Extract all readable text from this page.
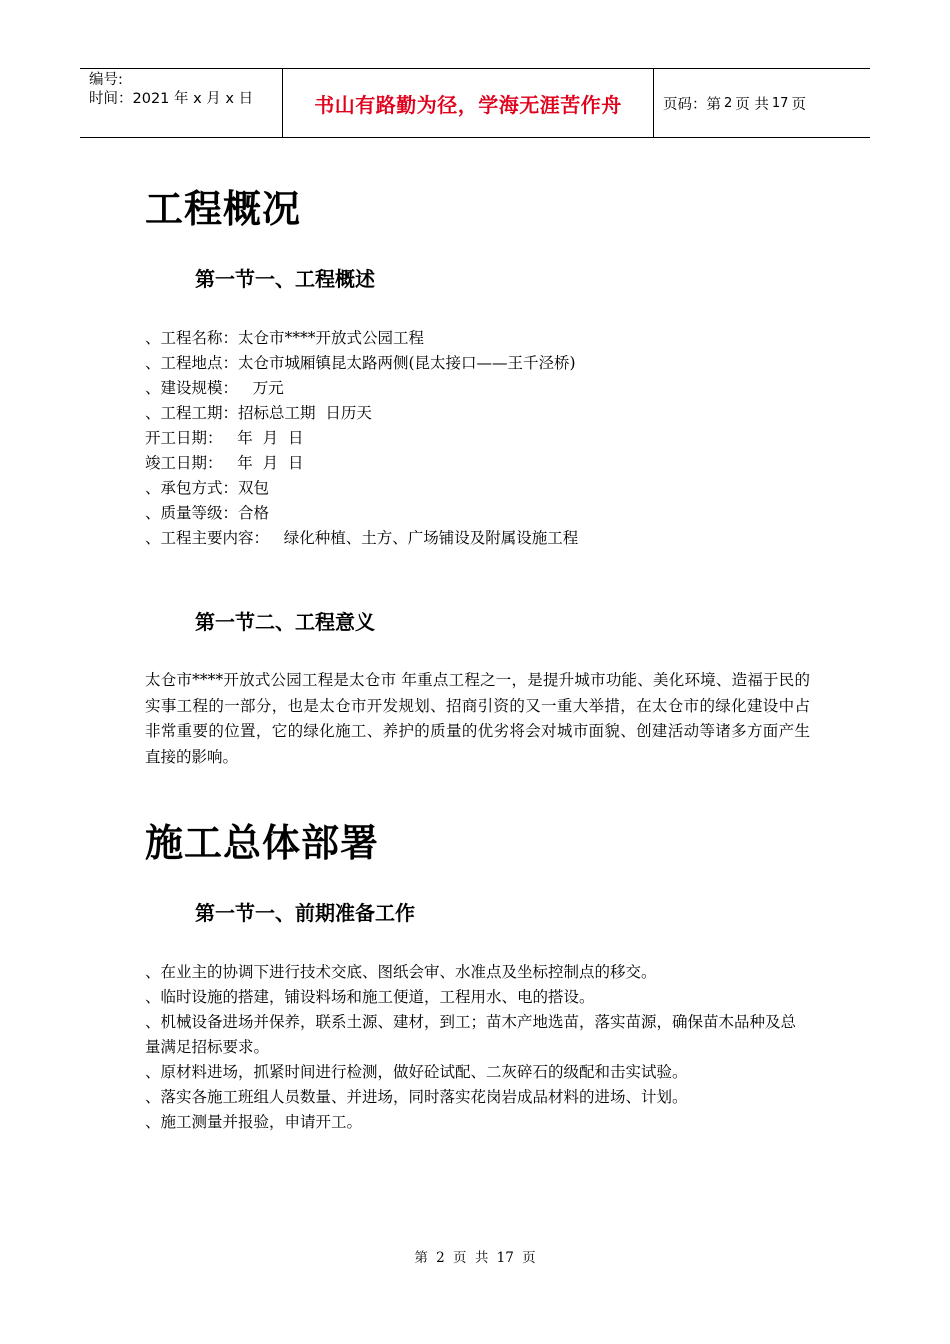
编号:
时间：2021 年 x 月 x 日	书山有路勤为径，学海无涯苦作舟	页码：第 2 页 共 17 页
工程概况
第一节一、工程概述
、工程名称：太仓市****开放式公园工程
、工程地点：太仓市城厢镇昆太路两侧(昆太接口——王千泾桥)
、建设规模：   万元
、工程工期：招标总工期  日历天
开工日期：   年  月  日
竣工日期：   年  月  日
、承包方式：双包
、质量等级：合格
、工程主要内容：   绿化种植、土方、广场铺设及附属设施工程
第一节二、工程意义

太仓市****开放式公园工程是太仓市 年重点工程之一，是提升城市功能、美化环境、造福于民的实事工程的一部分，也是太仓市开发规划、招商引资的又一重大举措，在太仓市的绿化建设中占非常重要的位置，它的绿化施工、养护的质量的优劣将会对城市面貌、创建活动等诸多方面产生直接的影响。

施工总体部署
第一节一、前期准备工作
、在业主的协调下进行技术交底、图纸会审、水准点及坐标控制点的移交。
、临时设施的搭建，铺设料场和施工便道，工程用水、电的搭设。
、机械设备进场并保养，联系土源、建材，到工；苗木产地选苗，落实苗源，确保苗木品种及总量满足招标要求。
、原材料进场，抓紧时间进行检测，做好砼试配、二灰碎石的级配和击实试验。
、落实各施工班组人员数量、并进场，同时落实花岗岩成品材料的进场、计划。
、施工测量并报验，申请开工。
第 2 页 共 17 页
